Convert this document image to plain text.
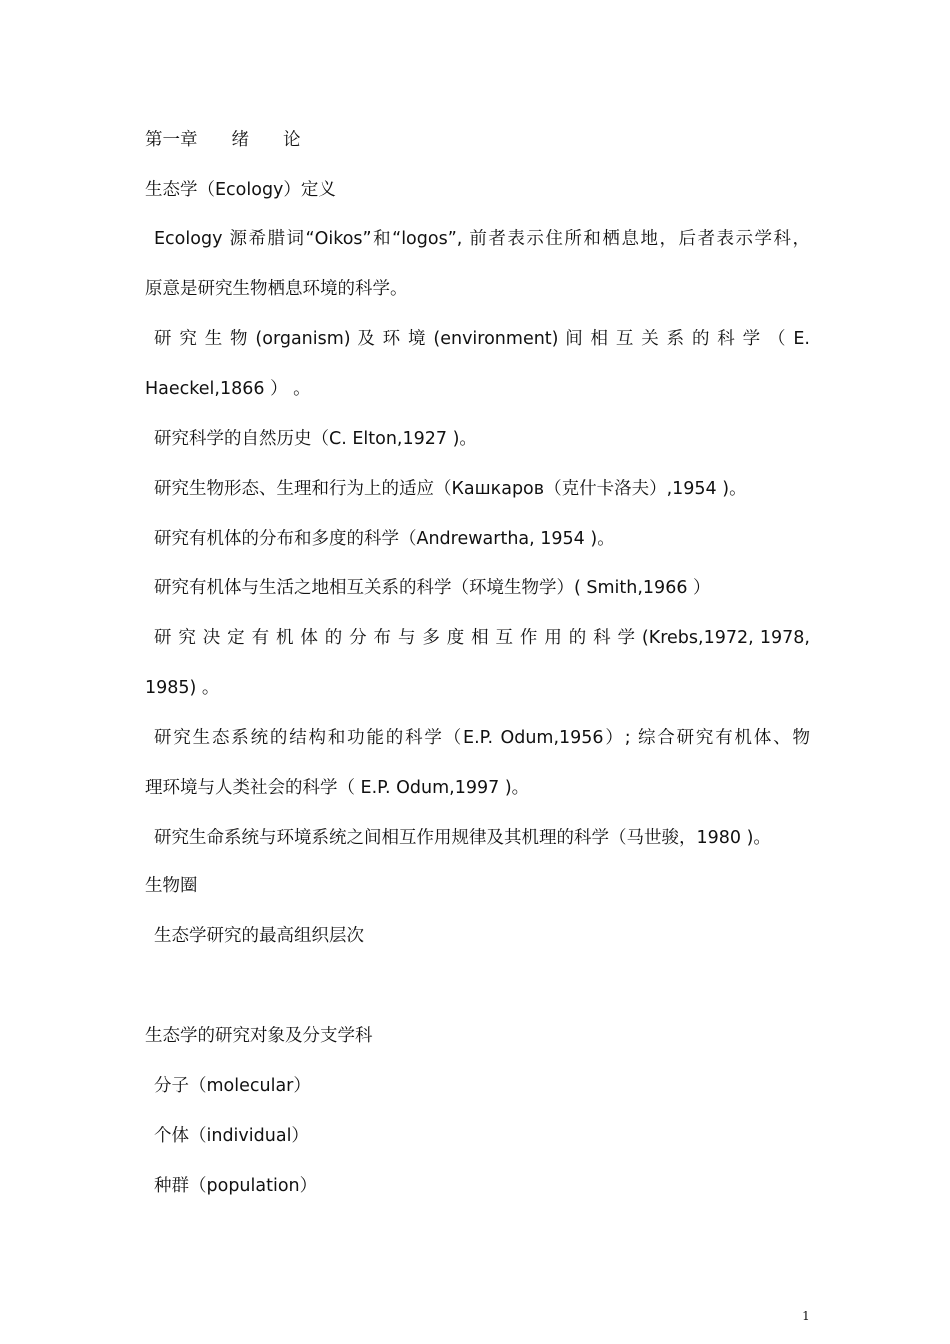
第一章 绪 论
生态学（Ecology）定义
Ecology 源希腊词“Oikos”和“logos”, 前者表示住所和栖息地，后者表示学科，
原意是研究生物栖息环境的科学。
研 究 生 物 (organism) 及 环 境 (environment) 间 相 互 关 系 的 科 学 （ E.
Haeckel,1866 ） 。
研究科学的自然历史（C. Elton,1927 )。
研究生物形态、生理和行为上的适应（Кашкаров（克什卡洛夫）,1954 )。
研究有机体的分布和多度的科学（Andrewartha, 1954 )。
研究有机体与生活之地相互关系的科学（环境生物学）( Smith,1966 ）
研 究 决 定 有 机 体 的 分 布 与 多 度 相 互 作 用 的 科 学 (Krebs,1972, 1978,
1985) 。
研究生态系统的结构和功能的科学（E.P. Odum,1956）; 综合研究有机体、物
理环境与人类社会的科学（ E.P. Odum,1997 )。
研究生命系统与环境系统之间相互作用规律及其机理的科学（马世骏，1980 )。
生物圈
生态学研究的最高组织层次
生态学的研究对象及分支学科
分子（molecular）
个体（individual）
种群（population）
1
